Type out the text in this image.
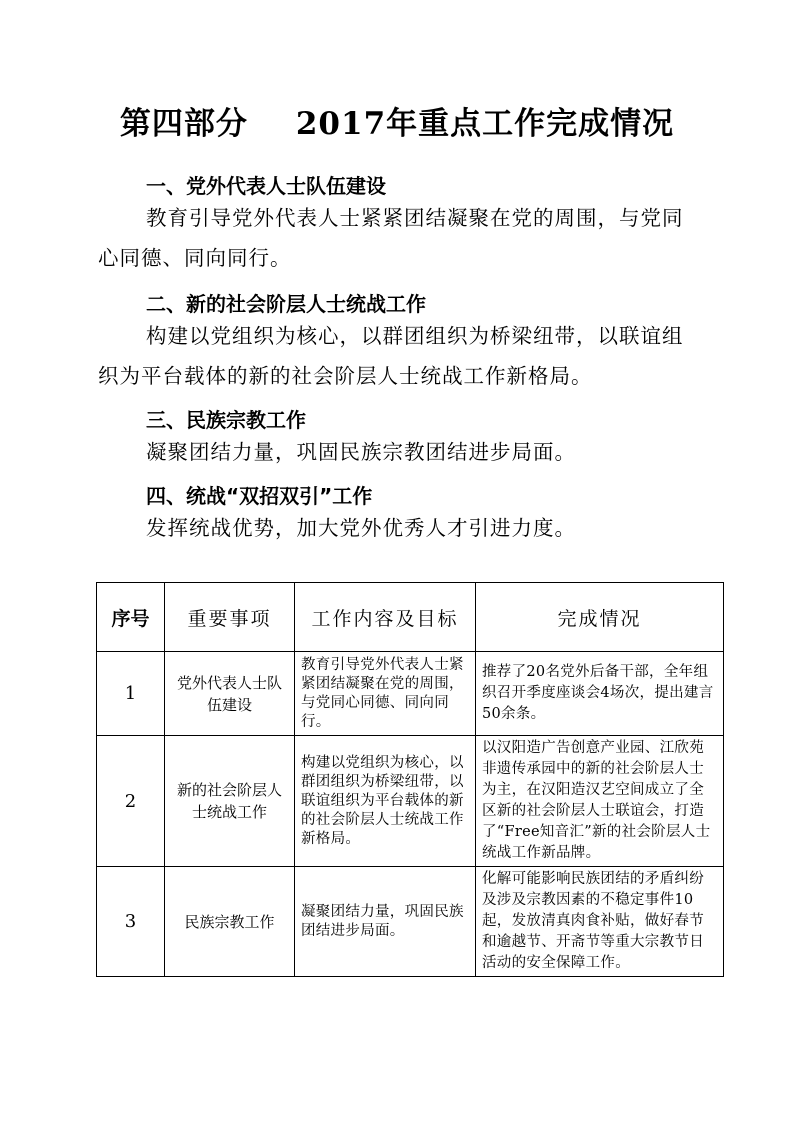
第四部分 2017年重点工作完成情况
一、党外代表人士队伍建设
教育引导党外代表人士紧紧团结凝聚在党的周围，与党同心同德、同向同行。
二、新的社会阶层人士统战工作
构建以党组织为核心，以群团组织为桥梁纽带，以联谊组织为平台载体的新的社会阶层人士统战工作新格局。
三、民族宗教工作
凝聚团结力量，巩固民族宗教团结进步局面。
四、统战“双招双引”工作
发挥统战优势，加大党外优秀人才引进力度。
序号	重要事项	工作内容及目标	完成情况
1	党外代表人士队伍建设	教育引导党外代表人士紧紧团结凝聚在党的周围，与党同心同德、同向同行。	推荐了20名党外后备干部，全年组织召开季度座谈会4场次，提出建言50余条。
2	新的社会阶层人士统战工作	构建以党组织为核心，以群团组织为桥梁纽带，以联谊组织为平台载体的新的社会阶层人士统战工作新格局。	以汉阳造广告创意产业园、江欣苑非遗传承园中的新的社会阶层人士为主，在汉阳造汉艺空间成立了全区新的社会阶层人士联谊会，打造了“Free知音汇”新的社会阶层人士统战工作新品牌。
3	民族宗教工作	凝聚团结力量，巩固民族团结进步局面。	化解可能影响民族团结的矛盾纠纷及涉及宗教因素的不稳定事件10起，发放清真肉食补贴，做好春节和逾越节、开斋节等重大宗教节日活动的安全保障工作。
